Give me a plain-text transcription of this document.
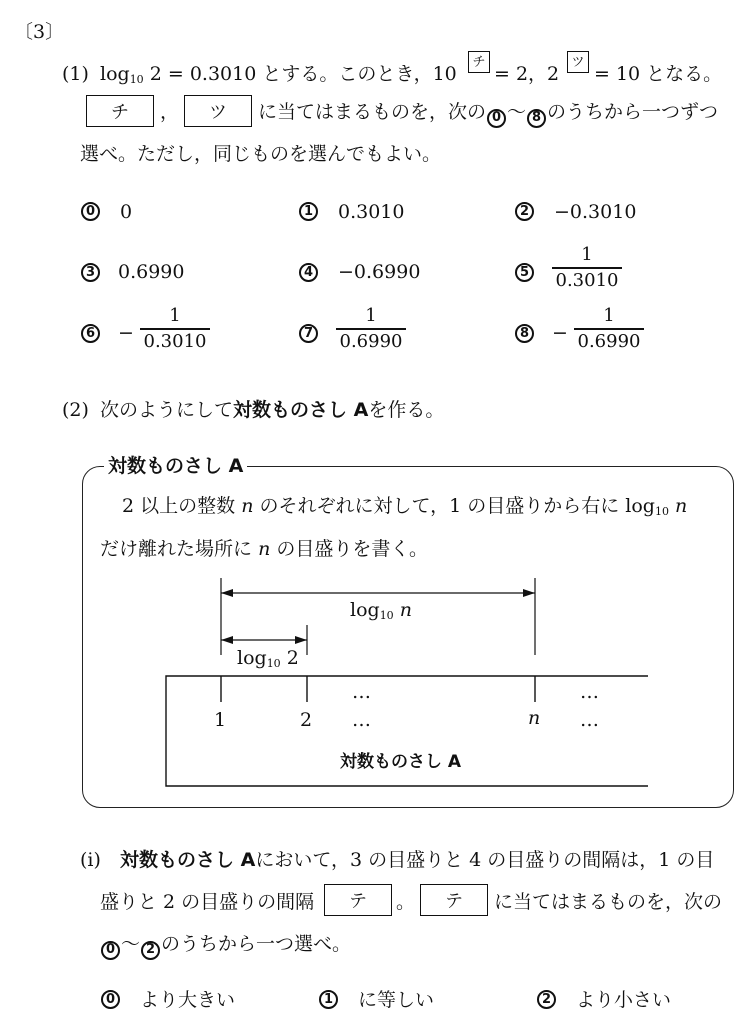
〔3〕
(1) $\log_{10} 2 = 0.3010$ とする。このとき，10
チ
= 2，2
ツ
= 10 となる。
チ	，	ツ	に当てはまるものを，次の 0 〜 8 のうちから一つずつ
選べ。ただし，同じものを選んでもよい。
0 0	1 0.3010	2 −0.3010
3 0.6990	4 −0.6990	5
1
0.3010
6 −
1
0.3010	7
1
0.6990	8 −
1
0.6990
(2) 次のようにして対数ものさし Aを作る。
対数ものさし A
2 以上の整数 n のそれぞれに対して，1 の目盛りから右に $\log_{10} n$
だけ離れた場所に n の目盛りを書く。
$\log_{10} n$
$\log_{10} 2$
1	2	n
…
…
…
…
対数ものさし A
(i) 対数ものさし Aにおいて，3 の目盛りと 4 の目盛りの間隔は，1 の目
盛りと 2 の目盛りの間隔	テ	。	テ	に当てはまるものを，次の
0 〜 2 のうちから一つ選べ。
0 より大きい	1 に等しい	2 より小さい
